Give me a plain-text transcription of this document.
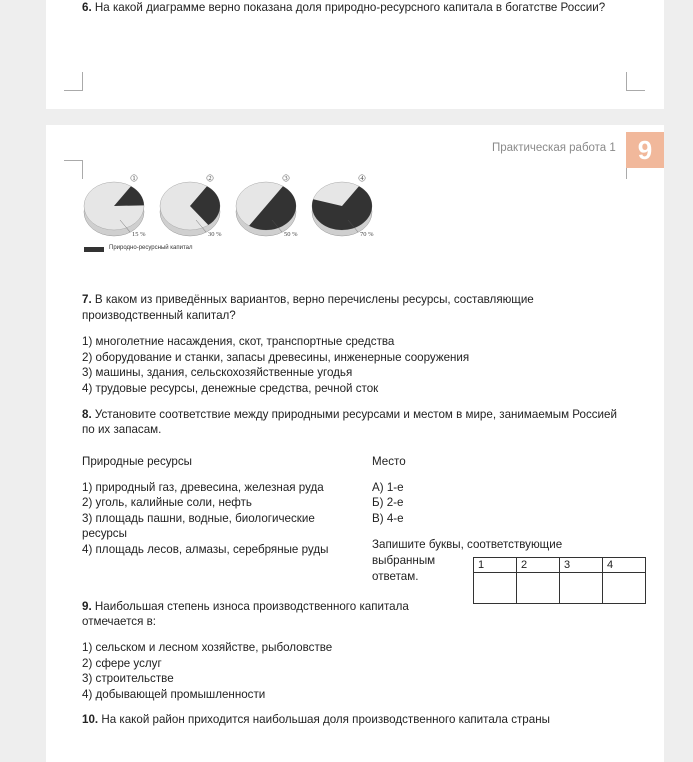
6. На какой диаграмме верно показана доля природно-ресурсного капитала в богатстве России?
Практическая работа 1 9
1
15 %
2
30 %
3
50 %
4
70 %
Природно-ресурсный капитал
7. В каком из приведённых вариантов, верно перечислены ресурсы, составляющие
производственный капитал?
1) многолетние насаждения, скот, транспортные средства
2) оборудование и станки, запасы древесины, инженерные сооружения
3) машины, здания, сельскохозяйственные угодья
4) трудовые ресурсы, денежные средства, речной сток
8. Установите соответствие между природными ресурсами и местом в мире, занимаемым Россией
по их запасам.
Природные ресурсы	Место
1) природный газ, древесина, железная руда
2) уголь, калийные соли, нефть
3) площадь пашни, водные, биологические
ресурсы
4) площадь лесов, алмазы, серебряные руды
А) 1-е
Б) 2-е
В) 4-е
Запишите буквы, соответствующие
выбранным
ответам.
1	2	3	4

9. Наибольшая степень износа производственного капитала
отмечается в:
1) сельском и лесном хозяйстве, рыболовстве
2) сфере услуг
3) строительстве
4) добывающей промышленности
10. На какой район приходится наибольшая доля производственного капитала страны
